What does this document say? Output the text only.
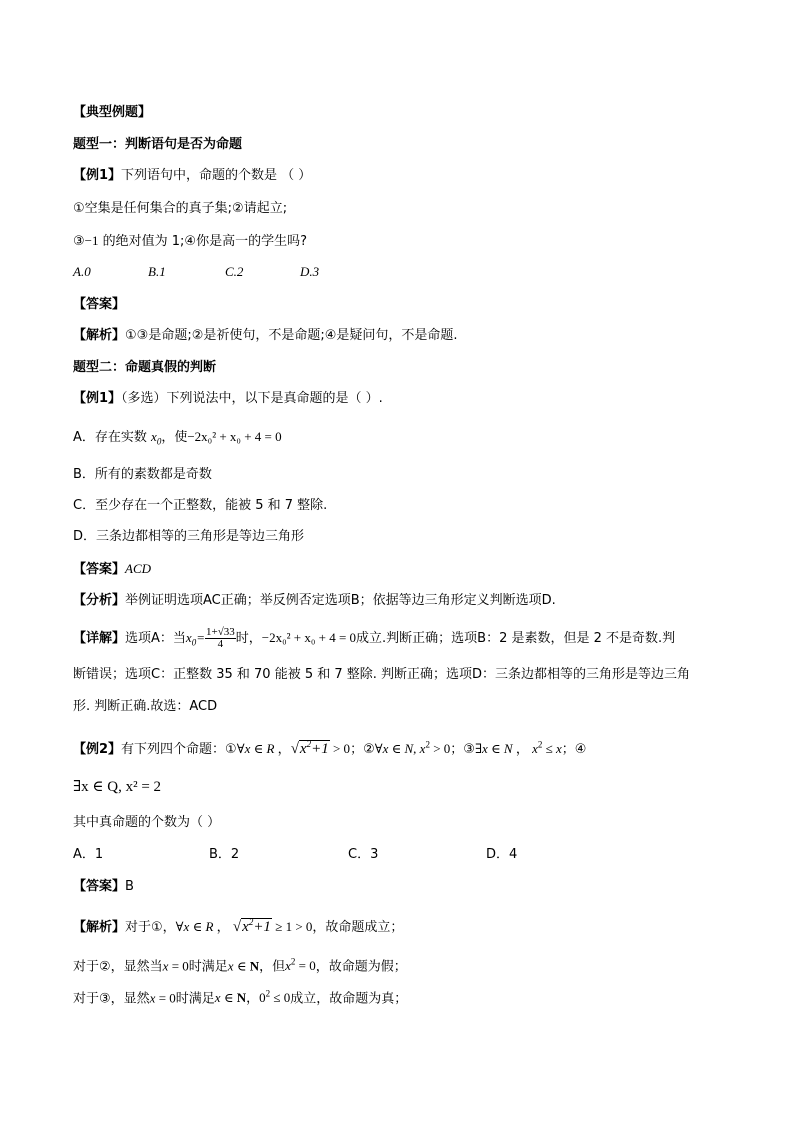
【典型例题】
题型一：判断语句是否为命题
【例1】下列语句中，命题的个数是 （ ）
①空集是任何集合的真子集;②请起立;
③−1 的绝对值为 1;④你是高一的学生吗?
A.0	B.1	C.2	D.3
【答案】
【解析】①③是命题;②是祈使句，不是命题;④是疑问句，不是命题.
题型二：命题真假的判断
【例1】（多选）下列说法中，以下是真命题的是（ ）.
A．存在实数 $x_0$，使−2x₀² + x₀ + 4 = 0
B．所有的素数都是奇数
C．至少存在一个正整数，能被 5 和 7 整除.
D．三条边都相等的三角形是等边三角形
【答案】ACD
【分析】举例证明选项AC正确；举反例否定选项B；依据等边三角形定义判断选项D.
【详解】选项A：当$x_0= \frac{1+√33}{4}$ 时，−2x₀² + x₀ + 4 = 0成立.判断正确；选项B：2 是素数，但是 2 不是奇数.判
断错误；选项C：正整数 35 和 70 能被 5 和 7 整除. 判断正确；选项D：三条边都相等的三角形是等边三角
形. 判断正确.故选：ACD
【例2】有下列四个命题：①∀x ∈ R ，$√x^2+1 > 0$；②∀x ∈ N, $x^2 > 0$；③∃x ∈ N ， $x^2 \le x$；④
∃x ∈ Q, x² = 2
其中真命题的个数为（ ）
A．1	B．2	C．3	D．4
【答案】B
【解析】对于①，∀x ∈ R ， $√x^2+1 \ge 1 > 0$，故命题成立；
对于②，显然当x = 0时满足x ∈ N，但$x^2 = 0$，故命题为假；
对于③，显然x = 0时满足x ∈ N，$0^2 \le 0$成立，故命题为真；
